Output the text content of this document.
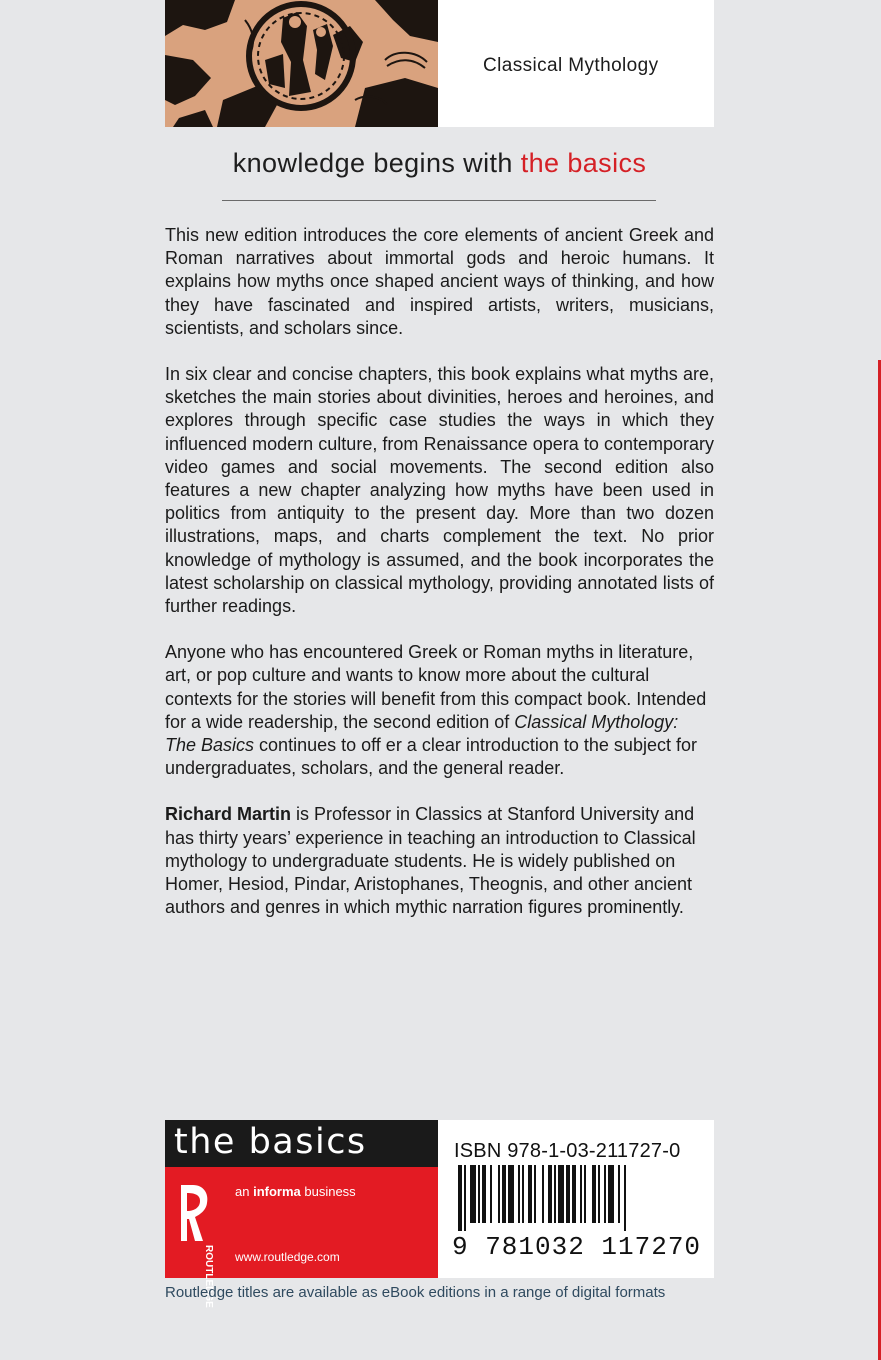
Classical Mythology
knowledge begins with the basics

This new edition introduces the core elements of ancient Greek and Roman narratives about immortal gods and heroic humans. It explains how myths once shaped ancient ways of thinking, and how they have fascinated and inspired artists, writers, musicians, scientists, and scholars since.

In six clear and concise chapters, this book explains what myths are, sketches the main stories about divinities, heroes and heroines, and explores through specific case studies the ways in which they influenced modern culture, from Renaissance opera to contemporary video games and social movements. The second edition also features a new chapter analyzing how myths have been used in politics from antiquity to the present day. More than two dozen illustrations, maps, and charts complement the text. No prior knowledge of mythology is assumed, and the book incorporates the latest scholarship on classical mythology, providing annotated lists of further readings.

Anyone who has encountered Greek or Roman myths in literature, art, or pop culture and wants to know more about the cultural contexts for the stories will benefit from this compact book. Intended for a wide readership, the second edition of Classical Mythology: The Basics continues to off er a clear introduction to the subject for undergraduates, scholars, and the general reader.

Richard Martin is Professor in Classics at Stanford University and has thirty years’ experience in teaching an introduction to Classical mythology to undergraduate students. He is widely published on Homer, Hesiod, Pindar, Aristophanes, Theognis, and other ancient authors and genres in which mythic narration figures prominently.

the basics
ROUTLEDGE
an informa business
www.routledge.com
ISBN 978-1-03-211727-0
9 781032 117270
Routledge titles are available as eBook editions in a range of digital formats
